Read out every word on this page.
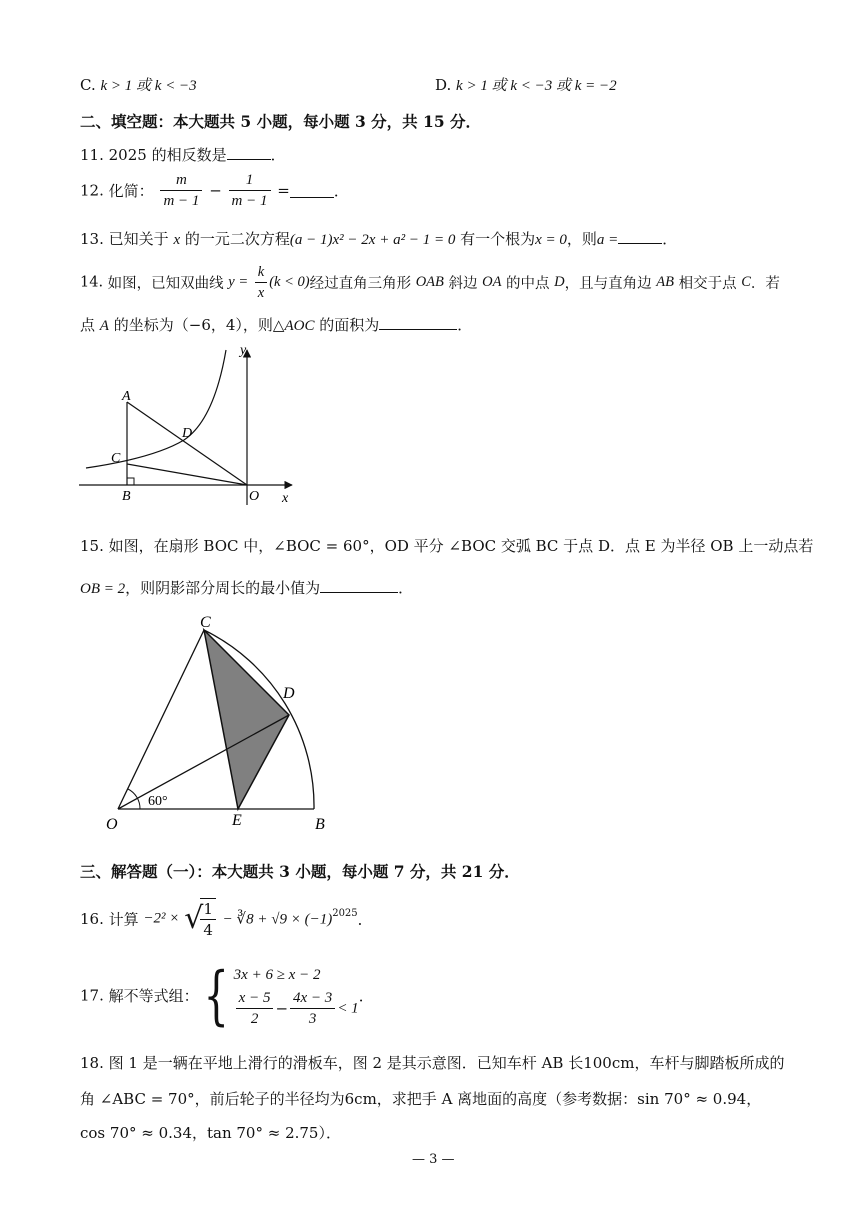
C. k > 1 或 k < −3	D. k > 1 或 k < −3 或 k = −2
二、填空题：本大题共 5 小题，每小题 3 分，共 15 分．
11. 2025 的相反数是	．
12. 化简： $\frac{m}{m - 1} - \frac{1}{m - 1}$ =	．
13. 已知关于 x 的一元二次方程(a − 1)x² − 2x + a² − 1 = 0 有一个根为x = 0，则a =	．
14. 如图，已知双曲线 $y = \frac{k}{x} (k < 0)$经过直角三角形 OAB 斜边 OA 的中点 D，且与直角边 AB 相交于点 C．若
点 A 的坐标为（−6，4），则△AOC 的面积为	．
y
A
D
C
B	O x
15. 如图，在扇形 BOC 中，∠BOC = 60°，OD 平分 ∠BOC 交弧 BC 于点 D．点 E 为半径 OB 上一动点若
OB = 2，则阴影部分周长的最小值为	．
60°
C
D
O	E	B
三、解答题（一）：本大题共 3 小题，每小题 7 分，共 21 分．
16. 计算 −2² × √
$\frac{1}{4}$ − ∛8 + $√9 \times (-1)^{2025}$．
17. 解不等式组： { 3x + 6 ≥ x − 2
$\frac{x - 5}{2} - \frac{4x - 3}{3} < 1$
．
18. 图 1 是一辆在平地上滑行的滑板车，图 2 是其示意图．已知车杆 AB 长100cm，车杆与脚踏板所成的
角 ∠ABC = 70°，前后轮子的半径均为6cm，求把手 A 离地面的高度（参考数据：sin 70° ≈ 0.94，
cos 70° ≈ 0.34，tan 70° ≈ 2.75）．
— 3 —
